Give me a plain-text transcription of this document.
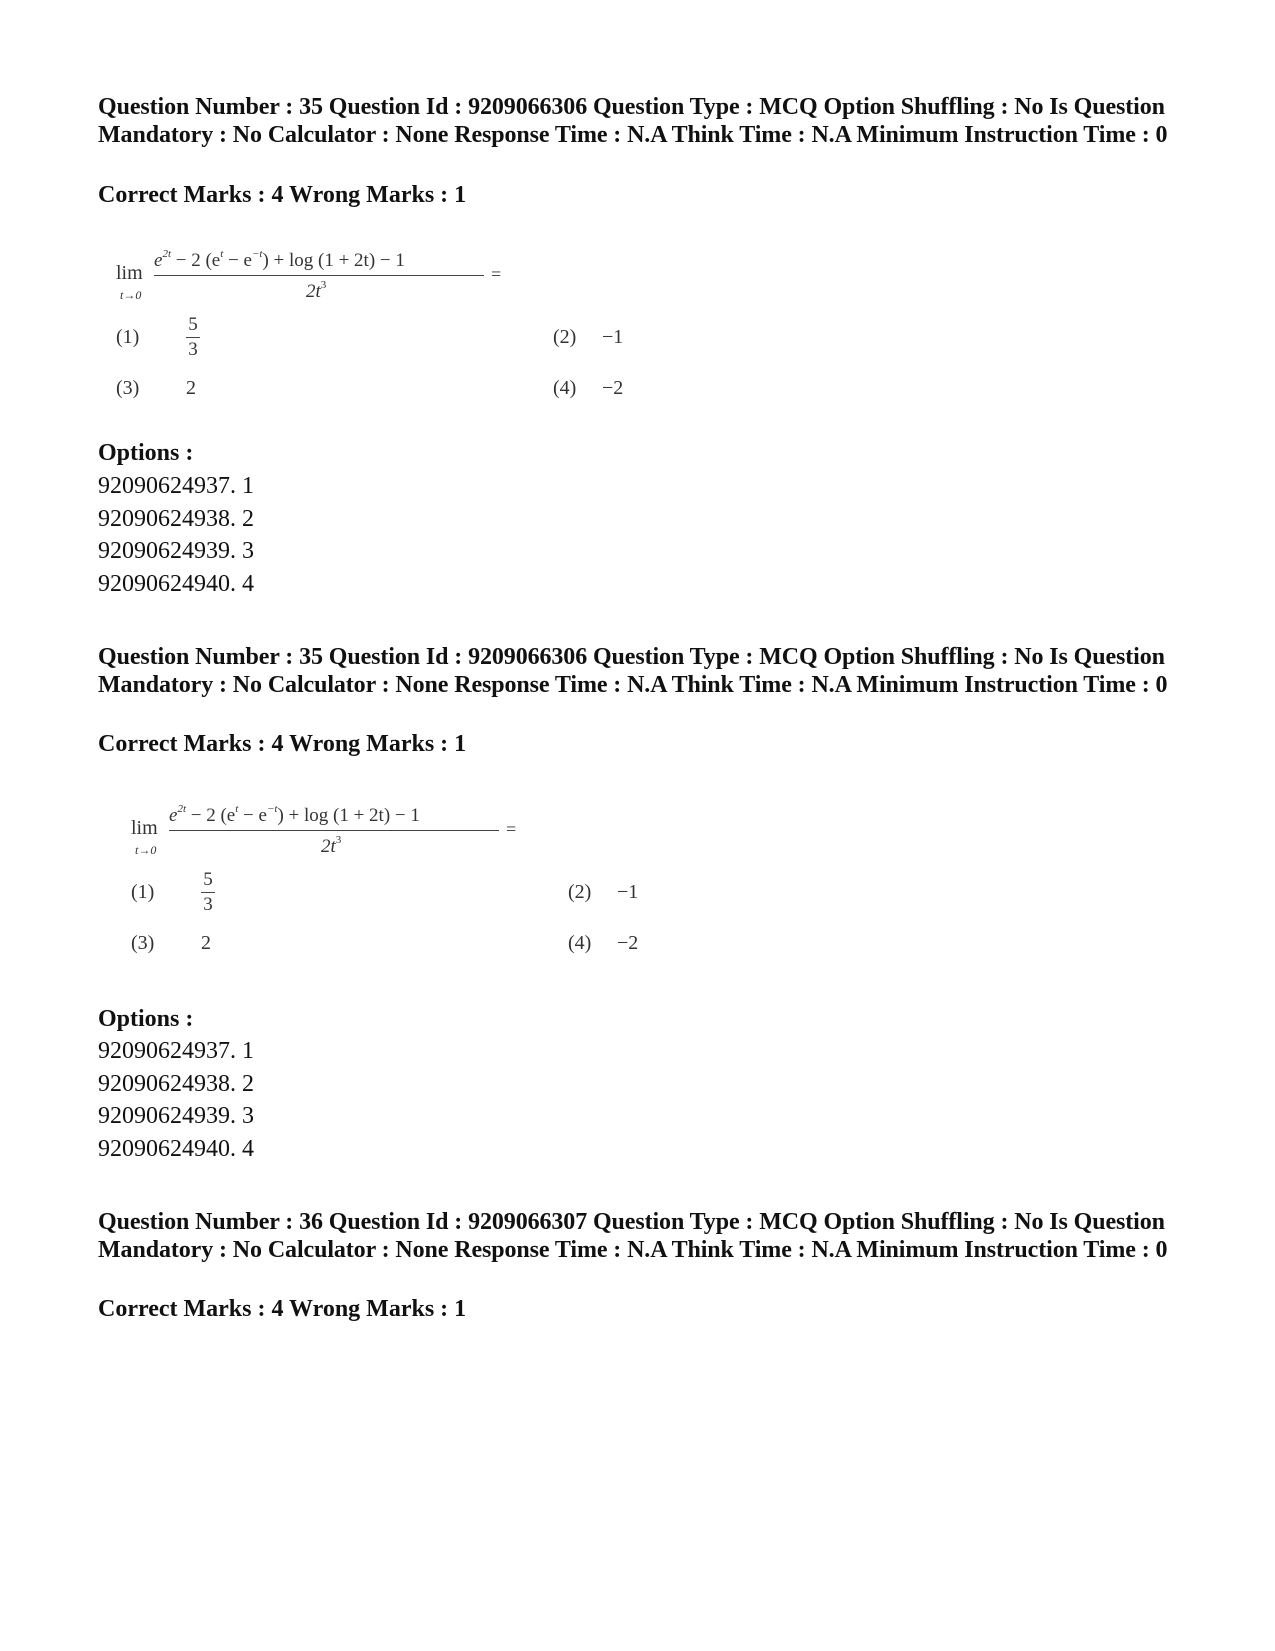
Question Number : 35 Question Id : 9209066306 Question Type : MCQ Option Shuffling : No Is Question Mandatory : No Calculator : None Response Time : N.A Think Time : N.A Minimum Instruction Time : 0
Correct Marks : 4 Wrong Marks : 1
lim
t→0
$e^{2t} - 2$ $(e^t - e^{-t}) + \log (1 + 2t) - 1$
$2t^3$
=
(1)
5
3
(2) −1
(3) 2	(4) −2
Options :
92090624937. 1
92090624938. 2
92090624939. 3
92090624940. 4
Question Number : 35 Question Id : 9209066306 Question Type : MCQ Option Shuffling : No Is Question Mandatory : No Calculator : None Response Time : N.A Think Time : N.A Minimum Instruction Time : 0
Correct Marks : 4 Wrong Marks : 1
lim
t→0
$e^{2t} - 2$ $(e^t - e^{-t}) + \log (1 + 2t) - 1$
$2t^3$
=
(1)
5
3
(2) −1
(3) 2	(4) −2
Options :
92090624937. 1
92090624938. 2
92090624939. 3
92090624940. 4
Question Number : 36 Question Id : 9209066307 Question Type : MCQ Option Shuffling : No Is Question Mandatory : No Calculator : None Response Time : N.A Think Time : N.A Minimum Instruction Time : 0
Correct Marks : 4 Wrong Marks : 1
